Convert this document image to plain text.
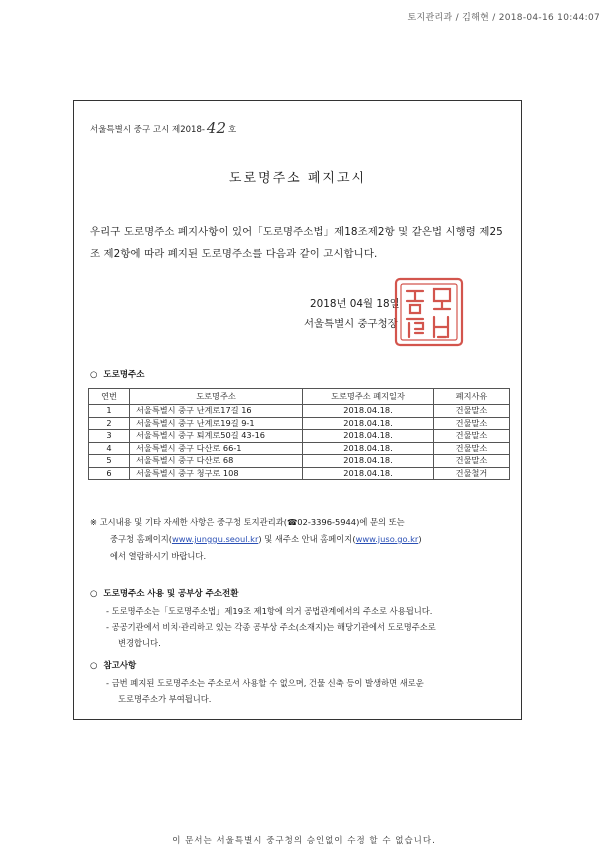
토지관리과 / 김해현 / 2018-04-16 10:44:07
서울특별시 중구 고시 제2018- 42 호
도로명주소 폐지고시
우리구 도로명주소 폐지사항이 있어「도로명주소법」제18조제2항 및 같은법 시행령 제25조 제2항에 따라 폐지된 도로명주소를 다음과 같이 고시합니다.
2018년 04월 18일
서울특별시 중구청장
○ 도로명주소
연번	도로명주소	도로명주소 폐지일자	폐지사유
1	서울특별시 중구 난계로17길 16	2018.04.18.	건물말소
2	서울특별시 중구 난계로19길 9-1	2018.04.18.	건물말소
3	서울특별시 중구 퇴계로50길 43-16	2018.04.18.	건물말소
4	서울특별시 중구 다산로 66-1	2018.04.18.	건물말소
5	서울특별시 중구 다산로 68	2018.04.18.	건물말소
6	서울특별시 중구 청구로 108	2018.04.18.	건물철거
※ 고시내용 및 기타 자세한 사항은 중구청 토지관리과(☎02-3396-5944)에 문의 또는
중구청 홈페이지(www.junggu.seoul.kr) 및 새주소 안내 홈페이지(www.juso.go.kr)
에서 열람하시기 바랍니다.
○ 도로명주소 사용 및 공부상 주소전환
- 도로명주소는「도로명주소법」제19조 제1항에 의거 공법관계에서의 주소로 사용됩니다.
- 공공기관에서 비치·관리하고 있는 각종 공부상 주소(소재지)는 해당기관에서 도로명주소로
변경합니다.
○ 참고사항
- 금번 폐지된 도로명주소는 주소로서 사용할 수 없으며, 건물 신축 등이 발생하면 새로운
도로명주소가 부여됩니다.
이 문서는 서울특별시 중구청의 승인없이 수정 할 수 없습니다.
